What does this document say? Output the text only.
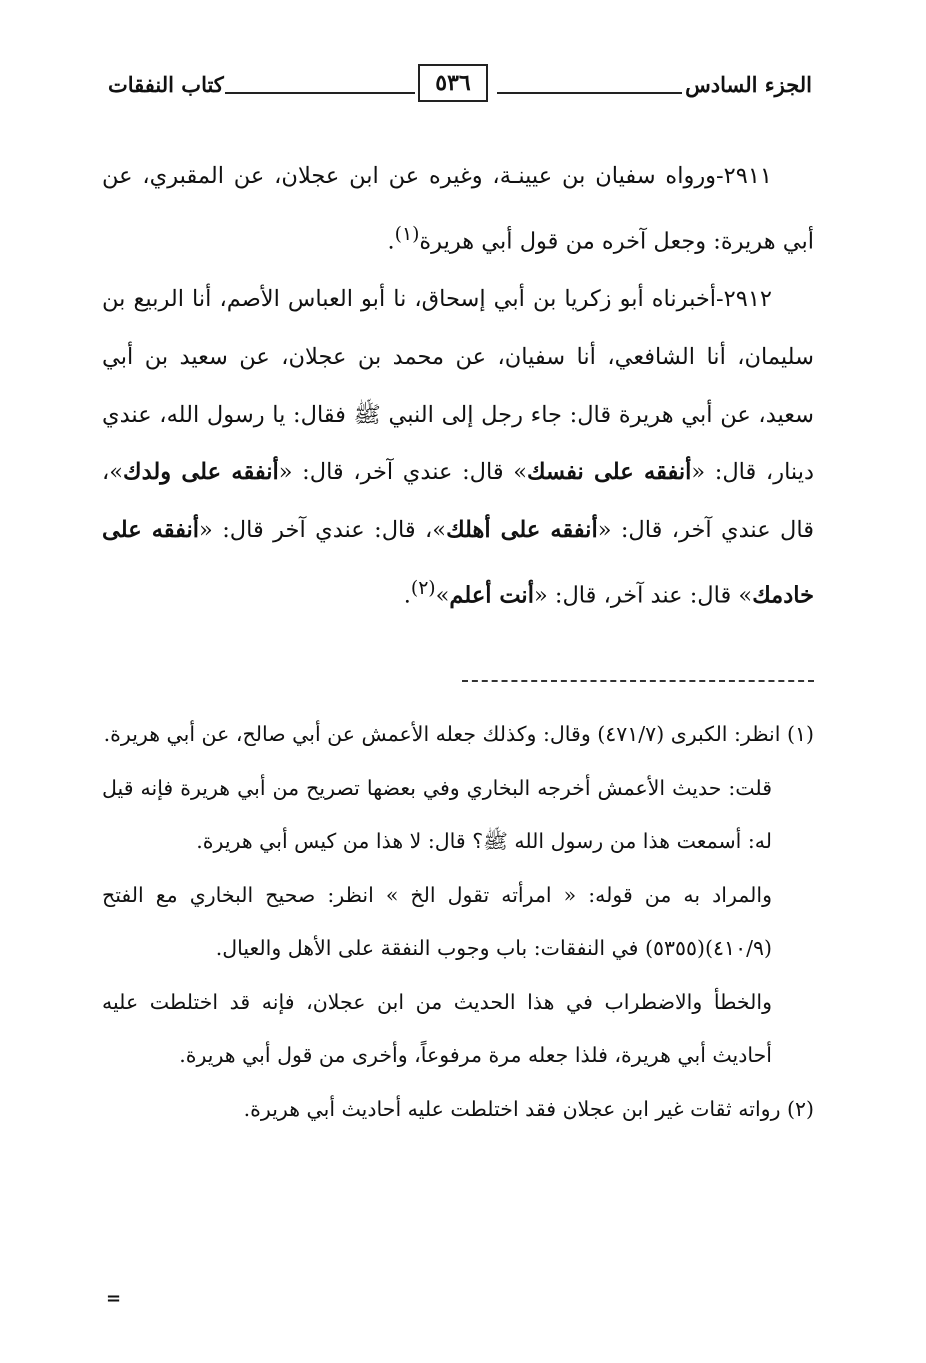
الجزء السادس
٥٣٦
كتاب النفقات

٢٩١١-ورواه سفيان بن عيينـة، وغيره عن ابن عجلان، عن المقبري، عن أبي هريرة: وجعل آخره من قول أبي هريرة$^{(١)}$.

٢٩١٢-أخبرناه أبو زكريا بن أبي إسحاق، نا أبو العباس الأصم، أنا الربيع بن سليمان، أنا الشافعي، أنا سفيان، عن محمد بن عجلان، عن سعيد بن أبي سعيد، عن أبي هريرة قال: جاء رجل إلى النبي ﷺ فقال: يا رسول الله، عندي دينار، قال: «أنفقه على نفسك» قال: عندي آخر، قال: «أنفقه على ولدك»، قال عندي آخر، قال: «أنفقه على أهلك»، قال: عندي آخر قال: «أنفقه على خادمك» قال: عند آخر، قال: «أنت أعلم»$^{(٢)}$.

(١) انظر: الكبرى (٤٧١/٧) وقال: وكذلك جعله الأعمش عن أبي صالح، عن أبي هريرة.

قلت: حديث الأعمش أخرجه البخاري وفي بعضها تصريح من أبي هريرة فإنه قيل له: أسمعت هذا من رسول الله ﷺ؟ قال: لا هذا من كيس أبي هريرة.

والمراد به من قوله: « امرأته تقول الخ » انظر: صحيح البخاري مع الفتح (٤١٠/٩)(٥٣٥٥) في النفقات: باب وجوب النفقة على الأهل والعيال.

والخطأ والاضطراب في هذا الحديث من ابن عجلان، فإنه قد اختلطت عليه أحاديث أبي هريرة، فلذا جعله مرة مرفوعاً، وأخرى من قول أبي هريرة.

(٢) رواته ثقات غير ابن عجلان فقد اختلطت عليه أحاديث أبي هريرة.

=
